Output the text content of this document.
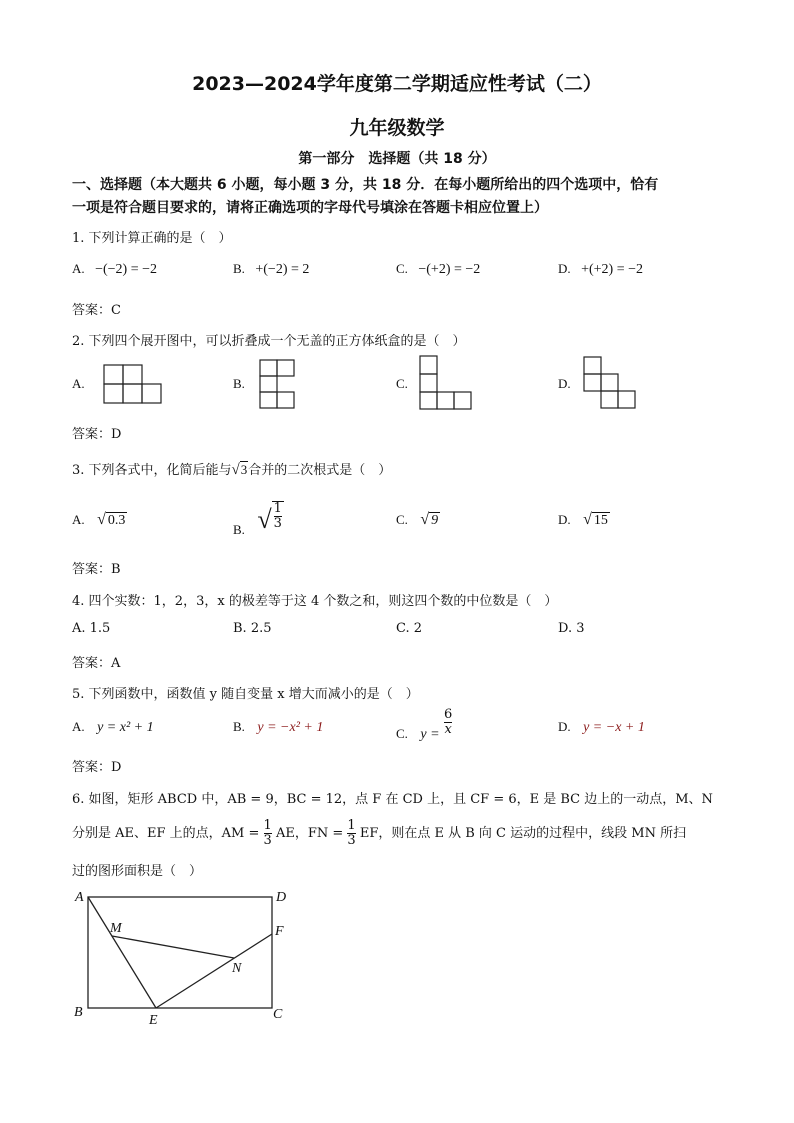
2023—2024学年度第二学期适应性考试（二）
九年级数学
第一部分　选择题（共 18 分）
一、选择题（本大题共 6 小题，每小题 3 分，共 18 分．在每小题所给出的四个选项中，恰有
一项是符合题目要求的，请将正确选项的字母代号填涂在答题卡相应位置上）
1. 下列计算正确的是（　）
A. −(−2) = −2	B. +(−2) = 2	C. −(+2) = −2	D. +(+2) = −2
答案：C
2. 下列四个展开图中，可以折叠成一个无盖的正方体纸盒的是（　）
A.	B.	C.	D.
答案：D
3. 下列各式中，化简后能与√3合并的二次根式是（　）
A. √ 0.3
B. √ $\frac{1}{3}$	C. √ 9	D. √ 15
答案：B
4. 四个实数：1，2，3，x 的极差等于这 4 个数之和，则这四个数的中位数是（　）
A. 1.5	B. 2.5	C. 2	D. 3
答案：A
5. 下列函数中，函数值 y 随自变量 x 增大而减小的是（　）
A. y = x² + 1	B. y = −x² + 1	C. $y = \frac{6}{x}$	D. y = −x + 1
答案：D
6. 如图，矩形 ABCD 中，AB = 9，BC = 12，点 F 在 CD 上，且 CF = 6，E 是 BC 边上的一动点，M、N
分别是 AE、EF 上的点，AM = $\frac{1}{3}$ AE，FN = $\frac{1}{3}$ EF，则在点 E 从 B 向 C 运动的过程中，线段 MN 所扫
过的图形面积是（　）
A	D
B	C
E
F
M
N
